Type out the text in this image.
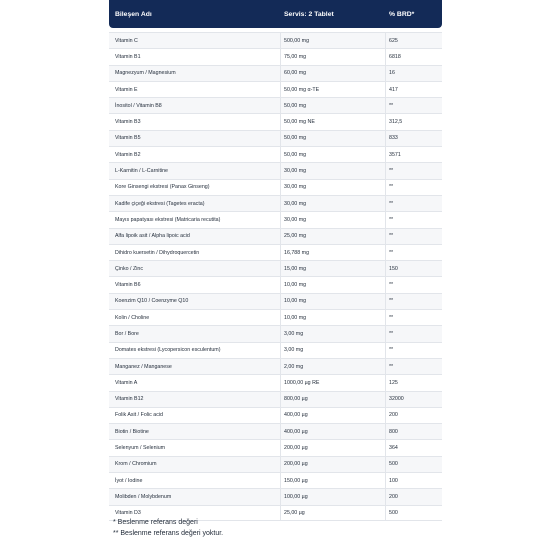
Bileşen Adı	Servis: 2 Tablet	% BRD*
Vitamin C	500,00 mg	625
Vitamin B1	75,00 mg	6818
Magnezyum / Magnesium	60,00 mg	16
Vitamin E	50,00 mg α-TE	417
İnositol / Vitamin B8	50,00 mg	**
Vitamin B3	50,00 mg NE	312,5
Vitamin B5	50,00 mg	833
Vitamin B2	50,00 mg	3571
L-Karnitin / L-Carnitine	30,00 mg	**
Kore Ginsengi ekstresi (Panax Ginseng)	30,00 mg	**
Kadife çiçeği ekstresi (Tagetes eracta)	30,00 mg	**
Mayıs papatyası ekstresi (Matricaria recutita)	30,00 mg	**
Alfa lipoik asit / Alpha lipoic acid	25,00 mg	**
Dihidro kuersetin / Dihydroquercetin	16,788 mg	**
Çinko / Zinc	15,00 mg	150
Vitamin B6	10,00 mg	**
Koenzim Q10 / Coenzyme Q10	10,00 mg	**
Kolin / Choline	10,00 mg	**
Bor / Bore	3,00 mg	**
Domates ekstresi (Lycopersicon esculentum)	3,00 mg	**
Manganez / Manganese	2,00 mg	**
Vitamin A	1000,00 µg RE	125
Vitamin B12	800,00 µg	32000
Folik Asit / Folic acid	400,00 µg	200
Biotin / Biotine	400,00 µg	800
Selenyum / Selenium	200,00 µg	364
Krom / Chromium	200,00 µg	500
İyot / Iodine	150,00 µg	100
Molibden / Molybdenum	100,00 µg	200
Vitamin D3	25,00 µg	500
* Beslenme referans değeri
** Beslenme referans değeri yoktur.
